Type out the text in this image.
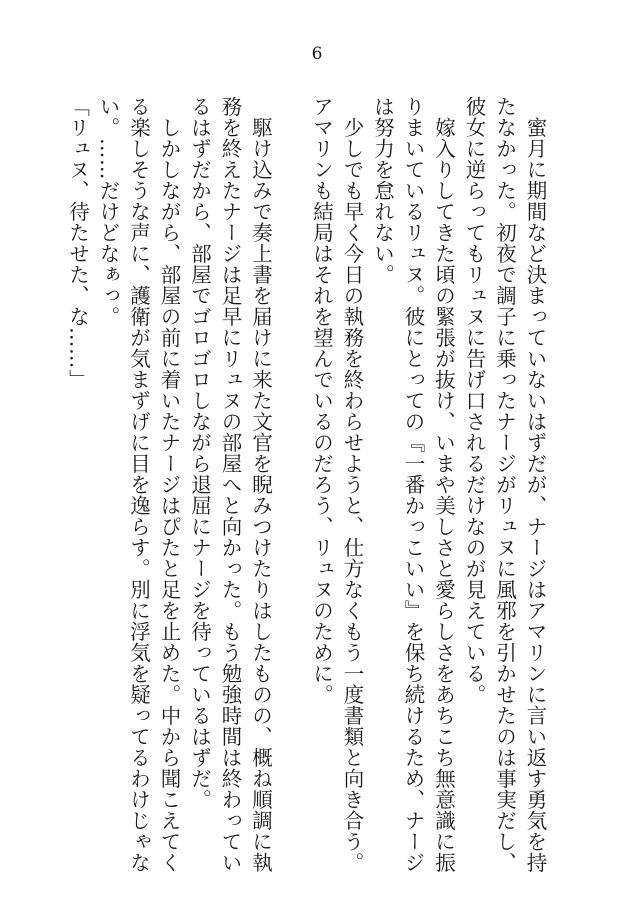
6
　蜜月に期間など決まっていないはずだが、ナージはアマリンに言い返す勇気を持
たなかった。初夜で調子に乗ったナージがリュヌに風邪を引かせたのは事実だし、
彼女に逆らってもリュヌに告げ口されるだけなのが見えている。
　嫁入りしてきた頃の緊張が抜け、いまや美しさと愛らしさをあちこち無意識に振
りまいているリュヌ。彼にとっての『一番かっこいい』を保ち続けるため、ナージ
は努力を怠れない。
　少しでも早く今日の執務を終わらせようと、仕方なくもう一度書類と向き合う。
アマリンも結局はそれを望んでいるのだろう、リュヌのために。
　駆け込みで奏上書を届けに来た文官を睨みつけたりはしたものの、概ね順調に執
務を終えたナージは足早にリュヌの部屋へと向かった。もう勉強時間は終わってい
るはずだから、部屋でゴロゴロしながら退屈にナージを待っているはずだ。
　しかしながら、部屋の前に着いたナージはぴたと足を止めた。中から聞こえてく
る楽しそうな声に、護衛が気まずげに目を逸らす。別に浮気を疑ってるわけじゃな
い。……だけどなぁっ。
「リュヌ、待たせた、な……」
